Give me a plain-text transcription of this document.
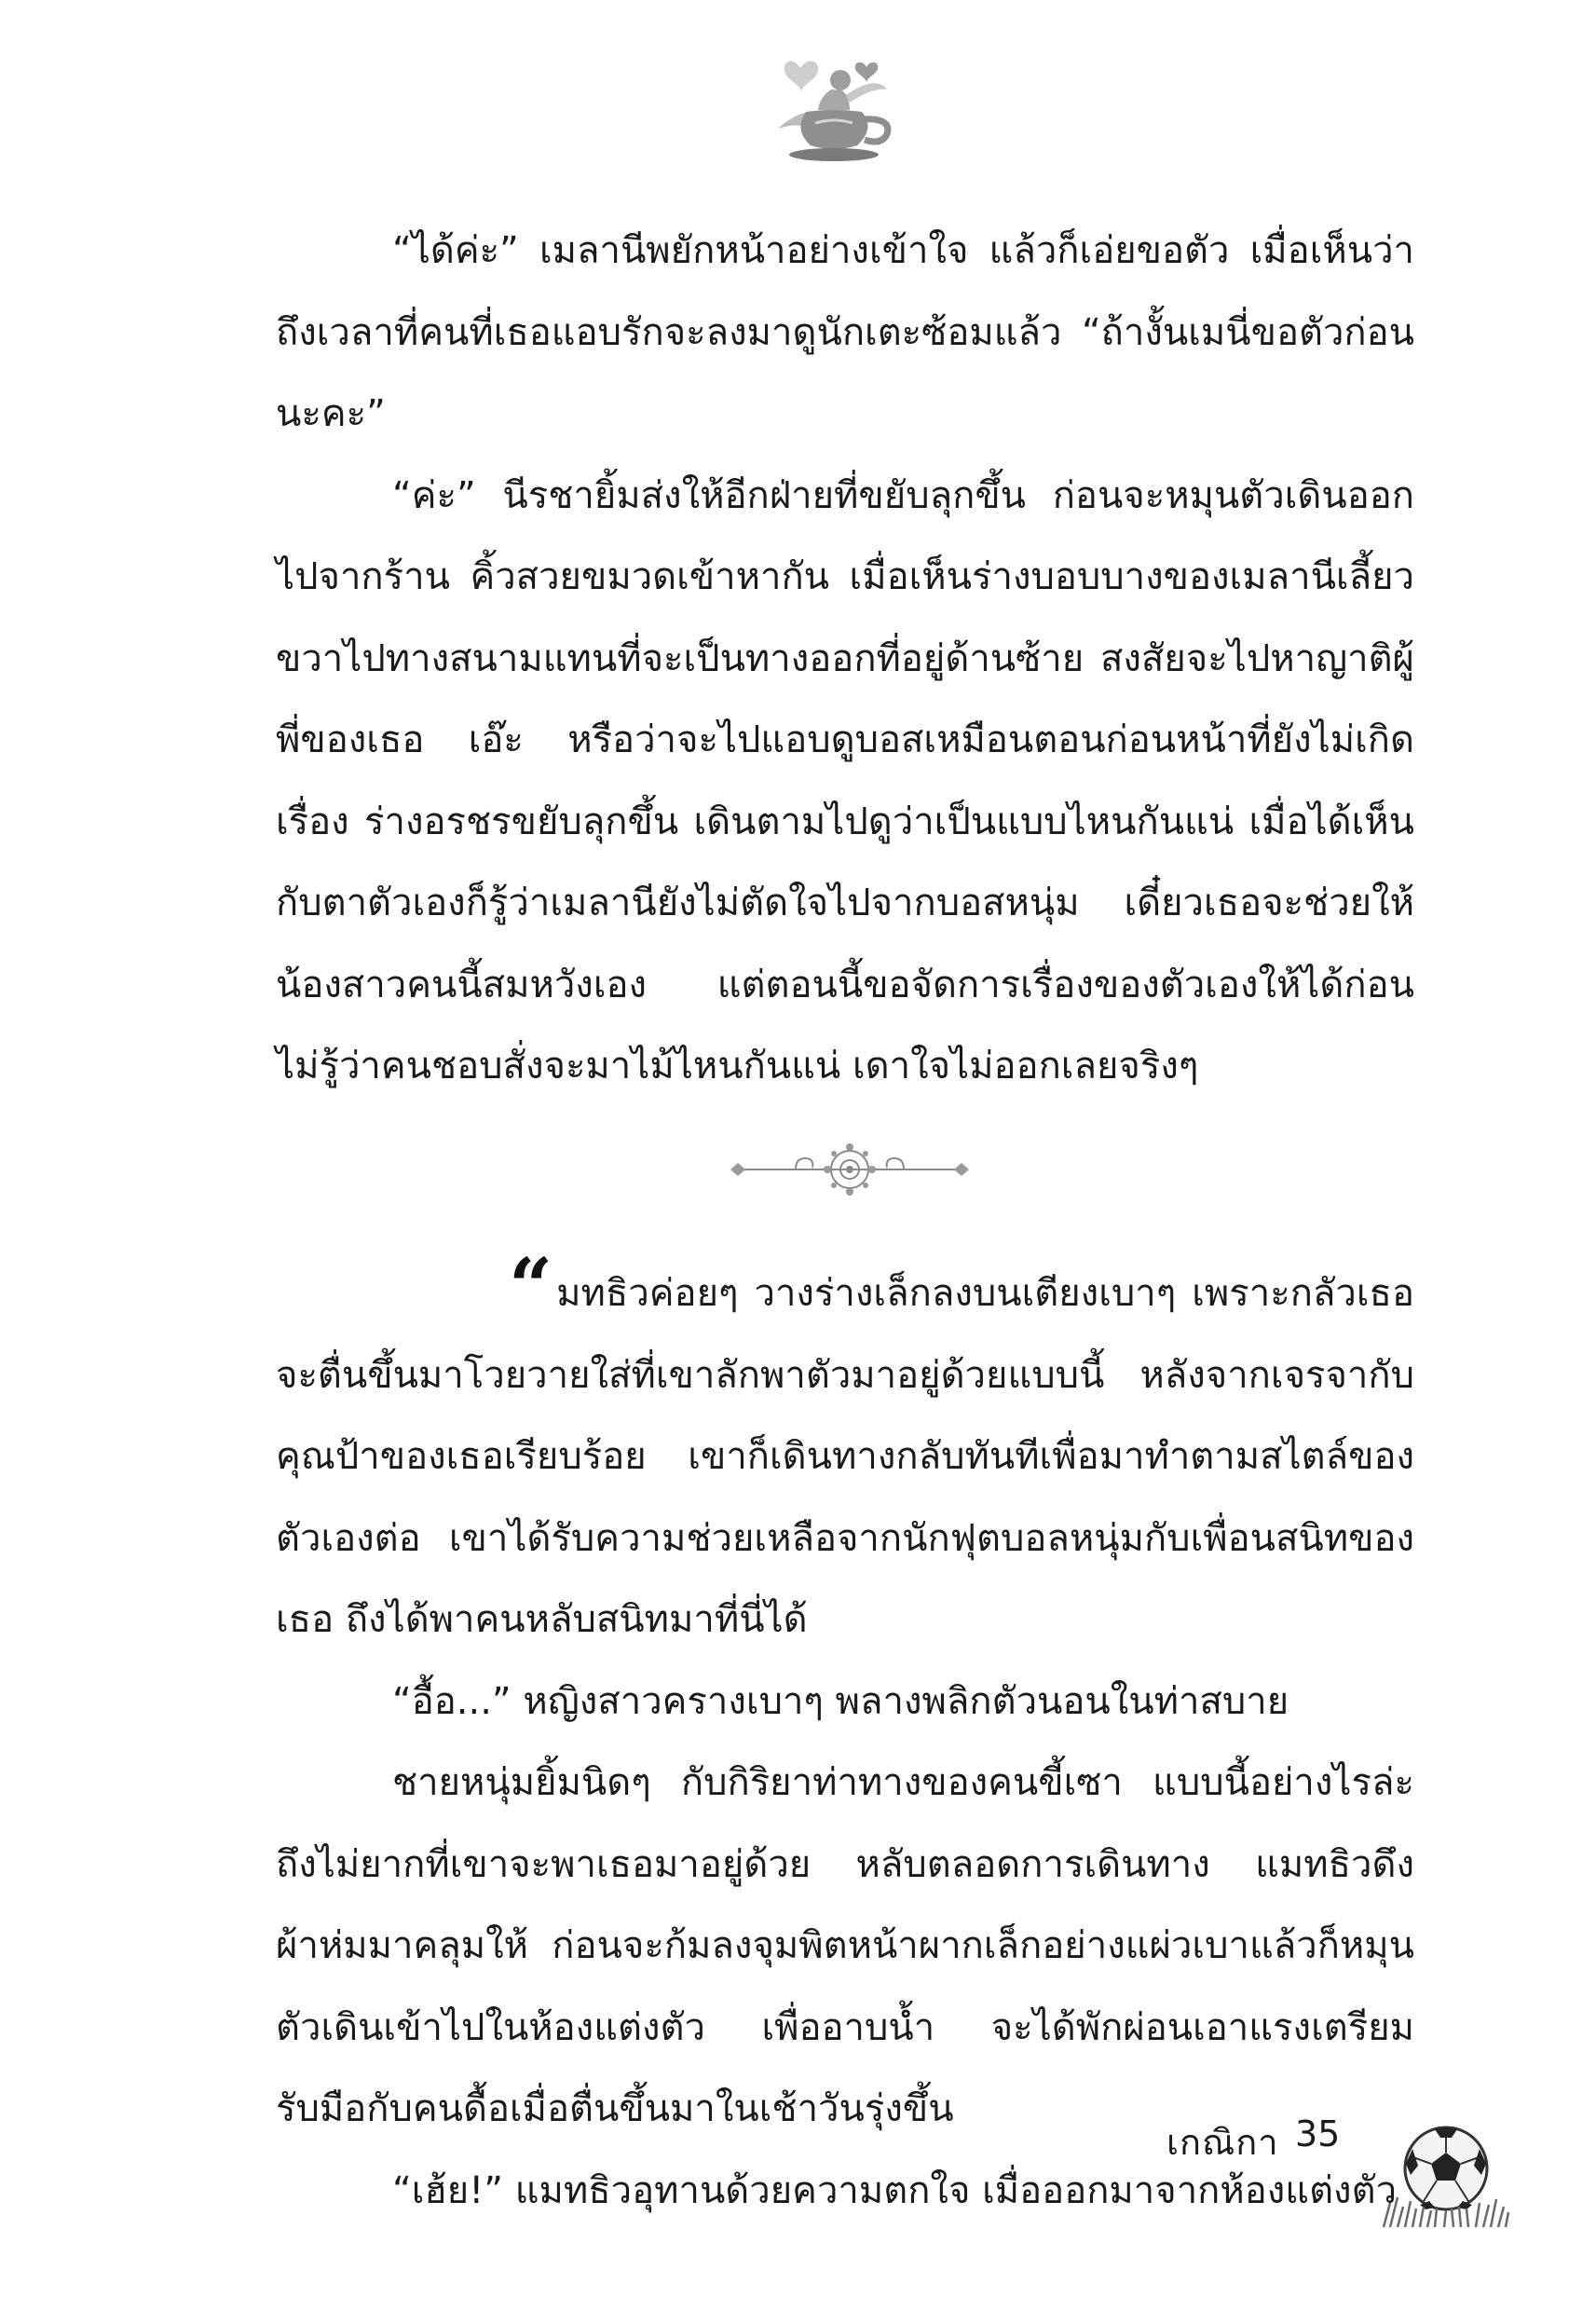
“ได้ค่ะ” เมลานีพยักหน้าอย่างเข้าใจ แล้วก็เอ่ยขอตัว เมื่อเห็นว่าถึงเวลาที่คนที่เธอแอบรักจะลงมาดูนักเตะซ้อมแล้ว “ถ้างั้นเมนี่ขอตัวก่อนนะคะ”

“ค่ะ” นีรชายิ้มส่งให้อีกฝ่ายที่ขยับลุกขึ้น ก่อนจะหมุนตัวเดินออกไปจากร้าน คิ้วสวยขมวดเข้าหากัน เมื่อเห็นร่างบอบบางของเมลานีเลี้ยวขวาไปทางสนามแทนที่จะเป็นทางออกที่อยู่ด้านซ้าย สงสัยจะไปหาญาติผู้พี่ของเธอ เอ๊ะ หรือว่าจะไปแอบดูบอสเหมือนตอนก่อนหน้าที่ยังไม่เกิดเรื่อง ร่างอรชรขยับลุกขึ้น เดินตามไปดูว่าเป็นแบบไหนกันแน่ เมื่อได้เห็นกับตาตัวเองก็รู้ว่าเมลานียังไม่ตัดใจไปจากบอสหนุ่ม เดี๋ยวเธอจะช่วยให้น้องสาวคนนี้สมหวังเอง แต่ตอนนี้ขอจัดการเรื่องของตัวเองให้ได้ก่อน ไม่รู้ว่าคนชอบสั่งจะมาไม้ไหนกันแน่ เดาใจไม่ออกเลยจริงๆ

“ มทธิวค่อยๆ วางร่างเล็กลงบนเตียงเบาๆ เพราะกลัวเธอจะตื่นขึ้นมาโวยวายใส่ที่เขาลักพาตัวมาอยู่ด้วยแบบนี้ หลังจากเจรจากับคุณป้าของเธอเรียบร้อย เขาก็เดินทางกลับทันทีเพื่อมาทำตามสไตล์ของตัวเองต่อ เขาได้รับความช่วยเหลือจากนักฟุตบอลหนุ่มกับเพื่อนสนิทของเธอ ถึงได้พาคนหลับสนิทมาที่นี่ได้

“อื้อ...” หญิงสาวครางเบาๆ พลางพลิกตัวนอนในท่าสบาย

ชายหนุ่มยิ้มนิดๆ กับกิริยาท่าทางของคนขี้เซา แบบนี้อย่างไรล่ะถึงไม่ยากที่เขาจะพาเธอมาอยู่ด้วย หลับตลอดการเดินทาง แมทธิวดึงผ้าห่มมาคลุมให้ ก่อนจะก้มลงจุมพิตหน้าผากเล็กอย่างแผ่วเบาแล้วก็หมุนตัวเดินเข้าไปในห้องแต่งตัว เพื่ออาบน้ำ จะได้พักผ่อนเอาแรงเตรียมรับมือกับคนดื้อเมื่อตื่นขึ้นมาในเช้าวันรุ่งขึ้น

“เฮ้ย!” แมทธิวอุทานด้วยความตกใจ เมื่อออกมาจากห้องแต่งตัว

เกณิกา 35
